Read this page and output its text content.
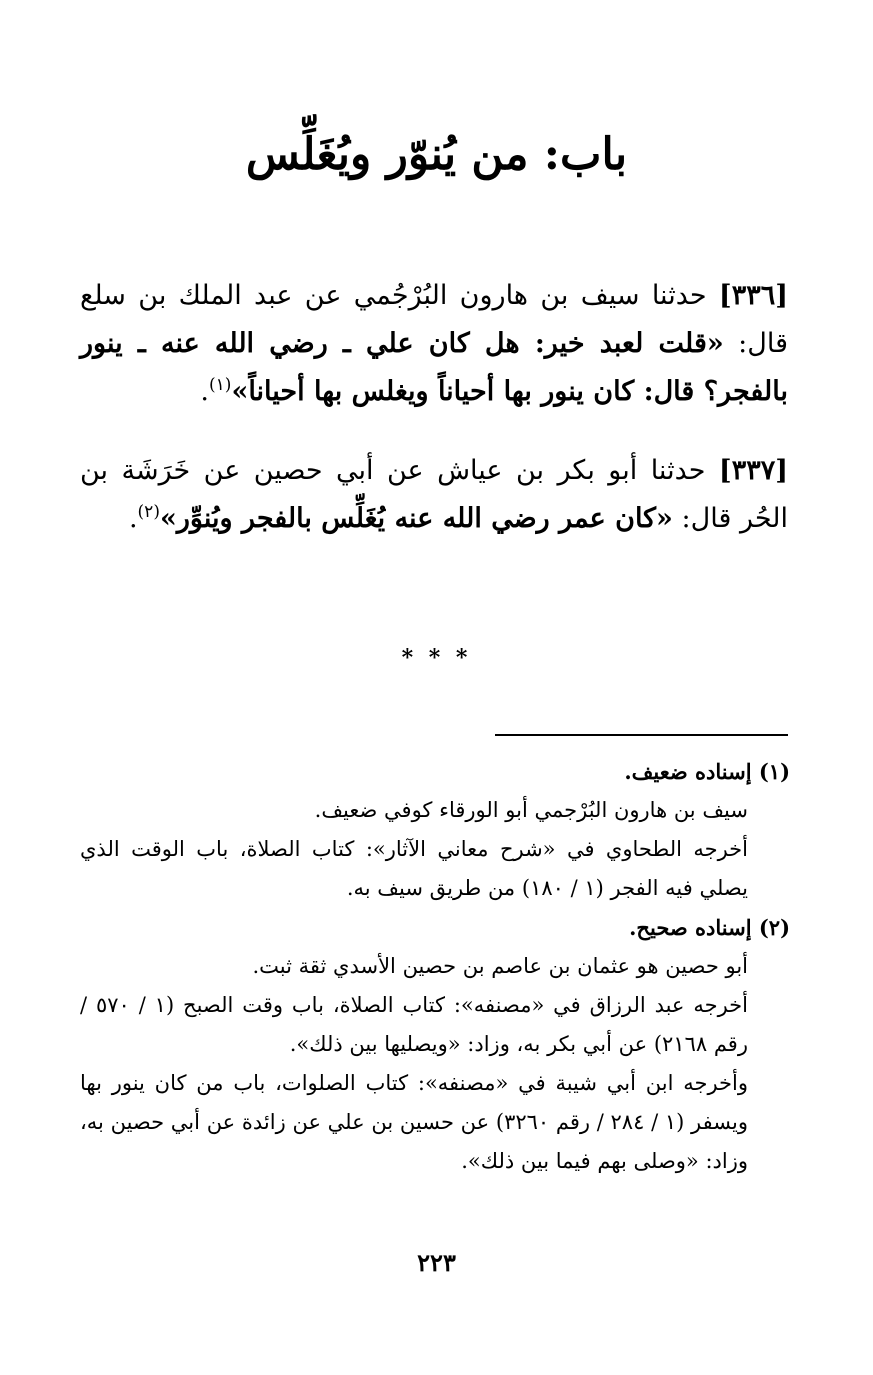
باب: من يُنوّر ويُغَلِّس
[٣٣٦] حدثنا سيف بن هارون البُرْجُمي عن عبد الملك بن سلع قال: «قلت لعبد خير: هل كان علي ـ رضي الله عنه ـ ينور بالفجر؟ قال: كان ينور بها أحياناً ويغلس بها أحياناً»$^{(١)}$.
[٣٣٧] حدثنا أبو بكر بن عياش عن أبي حصين عن خَرَشَة بن الحُر قال: «كان عمر رضي الله عنه يُغَلِّس بالفجر ويُنوِّر»$^{(٢)}$.
* * *
(١) إسناده ضعيف.
سيف بن هارون البُرْجمي أبو الورقاء كوفي ضعيف.
أخرجه الطحاوي في «شرح معاني الآثار»: كتاب الصلاة، باب الوقت الذي يصلي فيه الفجر (١ / ١٨٠) من طريق سيف به.
(٢) إسناده صحيح.
أبو حصين هو عثمان بن عاصم بن حصين الأسدي ثقة ثبت.
أخرجه عبد الرزاق في «مصنفه»: كتاب الصلاة، باب وقت الصبح (١ / ٥٧٠ / رقم ٢١٦٨) عن أبي بكر به، وزاد: «ويصليها بين ذلك».
وأخرجه ابن أبي شيبة في «مصنفه»: كتاب الصلوات، باب من كان ينور بها ويسفر (١ / ٢٨٤ / رقم ٣٢٦٠) عن حسين بن علي عن زائدة عن أبي حصين به، وزاد: «وصلى بهم فيما بين ذلك».
٢٢٣
